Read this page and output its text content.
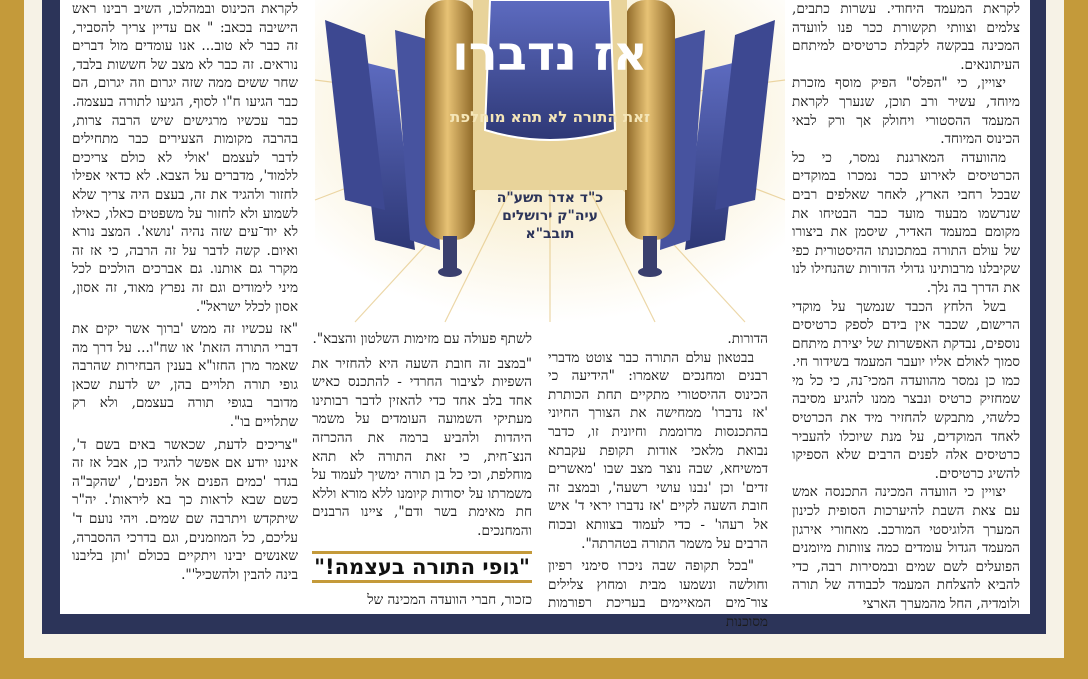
לקראת המעמד היחודי. עשרות כתבים, צלמים וצוותי תקשורת ככר פנו לוועדה המכינה בבקשה לקבלת כרטיסים למיתחם העיתונאים.

יצויין, כי "הפלס" הפיק מוסף מזכרת מיוחד, עשיר ורב תוכן, שנערך לקראת המעמד ההסטורי ויחולק אך ורק לבאי הכינוס המיוחד.

מהוועדה המארגנת נמסר, כי כל הכרטיסים לאירוע ככר נמכרו במוקדים שבכל רחבי הארץ, לאחר שאלפים רבים שנרשמו מבעוד מועד כבר הבטיחו את מקומם במעמד האדיר, שיסמן את ביצורו של עולם התורה במתכונתו ההיסטורית כפי שקיבלנו מרבותינו גדולי הדורות שהנחילו לנו את הדרך בה נלך.

בשל הלחץ הכבד שנמשך על מוקדי הרישום, שכבר אין בידם לספק כרטיסים נוספים, נבדקת האפשרות של יצירת מיתחם סמוך לאולם אליו יועבר המעמד בשידור חי. כמו כן נמסר מהוועדה המכי־נה, כי כל מי שמחזיק כרטיס ונבצר ממנו להגיע מסיבה כלשהי, מתבקש להחזיר מיד את הכרטיס לאחד המוקדים, על מנת שיוכלו להעביר כרטיסים אלה לפנים הרבים שלא הספיקו להשיג כרטיסים.

יצויין כי הוועדה המכינה התכנסה אמש עם צאת השבת להיערכות הסופית לכינון המערך הלוגיסטי המורכב. מאחורי אירגון המעמד הגדול עומדים כמה צוותות מיומנים הפועלים לשם שמים ובמסירות רבה, כדי להביא להצלחת המעמד לכבודה של תורה ולומדיה, החל מהמערך הארצי

לקראת הכינוס ובמהלכו, השיב רבינו ראש הישיבה בכאב: " אם עדיין צריך להסביר, זה כבר לא טוב... אנו עומדים מול דברים נוראים. זה כבר לא מצב של חששות בלבד, שחר ששים ממה שזה יגרום וזה יגרום, הם כבר הגיעו ח"ו לסוף, הגיעו לתורה בעצמה. כבר עכשיו מרגישים שיש הרבה צרות, בהרבה מקומות הצעירים כבר מתחילים לדבר לעצמם 'אולי לא כולם צריכים ללמוד', מדברים על הצבא. לא כדאי אפילו לחזור ולהגיד את זה, בעצם היה צריך שלא לשמוע ולא לחזור על משפטים כאלו, כאילו לא יוד־עים שזה נהיה 'נושא'. המצב נורא ואיום. קשה לדבר על זה הרבה, כי אז זה מקרר גם אותנו. גם אברכים הולכים לכל מיני לימודים וגם זה נפרץ מאוד, זה אסון, אסון לכלל ישראל".

"אז עכשיו זה ממש 'ברוך אשר יקים את דברי התורה הזאת' או שח"ו... על דרך מה שאמר מרן החזו"א בענין הבחירות שהרבה גופי תורה תלויים בהן, יש לדעת שכאן מדובר בגופי תורה בעצמם, ולא רק שתלויים בו".

"צריכים לדעת, שכאשר באים בשם ד', איננו יודע אם אפשר להגיד כן, אבל אז זה בגדר 'כמים הפנים אל הפנים', 'שהקב"ה כשם שבא לראות כך בא ליראות'. יה"ר שיתקדש ויתרבה שם שמים. ויהי נועם ד' עליכם, כל המוזמנים, וגם בדרכי ההסברה, שאנשים יבינו ויתקיים בכולם 'ותן בליבנו בינה להבין ולהשכיל'".

הדורות.

בבטאון עולם התורה כבר צוטט מדברי רבנים ומחנכים שאמרו: "הידיעה כי הכינוס ההיסטורי מתקיים תחת הכותרת 'אז נדברו' ממחישה את הצורך החיוני בהתכנסות מרוממת וחיונית זו, כדבר נבואת מלאכי אודות תקופת עקבתא דמשיחא, שבה נוצר מצב שבו 'מאשרים זדים' וכן 'נבנו עושי רשעה', ובמצב זה חובת השעה לקיים 'אז נדברו יראי ד' איש אל רעהו' - כדי לעמוד בצוותא ובכוח הרבים על משמר התורה בטהרתה".

"בכל תקופה שבה ניכרו סימני רפיון וחולשה ונשמעו מבית ומחוץ צלילים צור־מים המאיימים בעריכת רפורמות מסוכנות

לשתף פעולה עם מזימות השלטון והצבא".

"במצב זה חובת השעה היא להחזיר את השפיות לציבור החרדי - להתכנס כאיש אחד בלב אחד כדי להאזין לדבר רבותינו מעתיקי השמועה העומדים על משמר היהדות ולהביע ברמה את ההכרזה הנצ־חית, כי זאת התורה לא תהא מוחלפת, וכי כל בן תורה ימשיך לעמוד על משמרתו על יסודות קיומנו ללא מורא וללא חת מאימת בשר ודם", ציינו הרבנים והמחנכים.

"גופי התורה בעצמה!"

כזכור, חברי הוועדה המכינה של

אז נדברו
זאת התורה לא תהא מוחלפת
כ"ד אדר תשע"ה
עיה"ק ירושלים
תובב"א
